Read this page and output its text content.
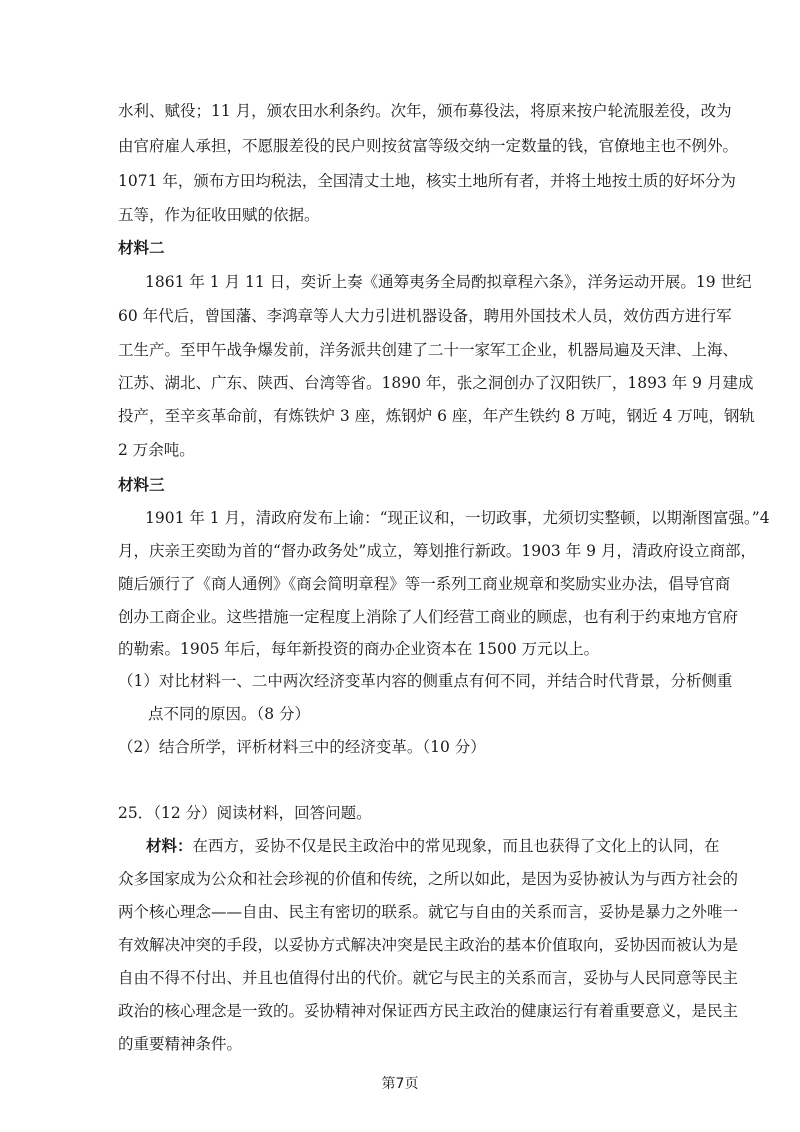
水利、赋役；11 月，颁农田水利条约。次年，颁布募役法，将原来按户轮流服差役，改为
由官府雇人承担，不愿服差役的民户则按贫富等级交纳一定数量的钱，官僚地主也不例外。
1071 年，颁布方田均税法，全国清丈土地，核实土地所有者，并将土地按土质的好坏分为
五等，作为征收田赋的依据。
材料二
1861 年 1 月 11 日，奕䜣上奏《通筹夷务全局酌拟章程六条》，洋务运动开展。19 世纪
60 年代后，曾国藩、李鸿章等人大力引进机器设备，聘用外国技术人员，效仿西方进行军
工生产。至甲午战争爆发前，洋务派共创建了二十一家军工企业，机器局遍及天津、上海、
江苏、湖北、广东、陕西、台湾等省。1890 年，张之洞创办了汉阳铁厂，1893 年 9 月建成
投产，至辛亥革命前，有炼铁炉 3 座，炼钢炉 6 座，年产生铁约 8 万吨，钢近 4 万吨，钢轨
2 万余吨。
材料三
1901 年 1 月，清政府发布上谕：“现正议和，一切政事，尤须切实整顿，以期渐图富强。”4
月，庆亲王奕劻为首的“督办政务处”成立，筹划推行新政。1903 年 9 月，清政府设立商部，
随后颁行了《商人通例》《商会简明章程》等一系列工商业规章和奖励实业办法，倡导官商
创办工商企业。这些措施一定程度上消除了人们经营工商业的顾虑，也有利于约束地方官府
的勒索。1905 年后，每年新投资的商办企业资本在 1500 万元以上。
（1）对比材料一、二中两次经济变革内容的侧重点有何不同，并结合时代背景，分析侧重
点不同的原因。（8 分）
（2）结合所学，评析材料三中的经济变革。（10 分）
25．（12 分）阅读材料，回答问题。
材料：在西方，妥协不仅是民主政治中的常见现象，而且也获得了文化上的认同，在
众多国家成为公众和社会珍视的价值和传统，之所以如此，是因为妥协被认为与西方社会的
两个核心理念——自由、民主有密切的联系。就它与自由的关系而言，妥协是暴力之外唯一
有效解决冲突的手段，以妥协方式解决冲突是民主政治的基本价值取向，妥协因而被认为是
自由不得不付出、并且也值得付出的代价。就它与民主的关系而言，妥协与人民同意等民主
政治的核心理念是一致的。妥协精神对保证西方民主政治的健康运行有着重要意义，是民主
的重要精神条件。
第7页
